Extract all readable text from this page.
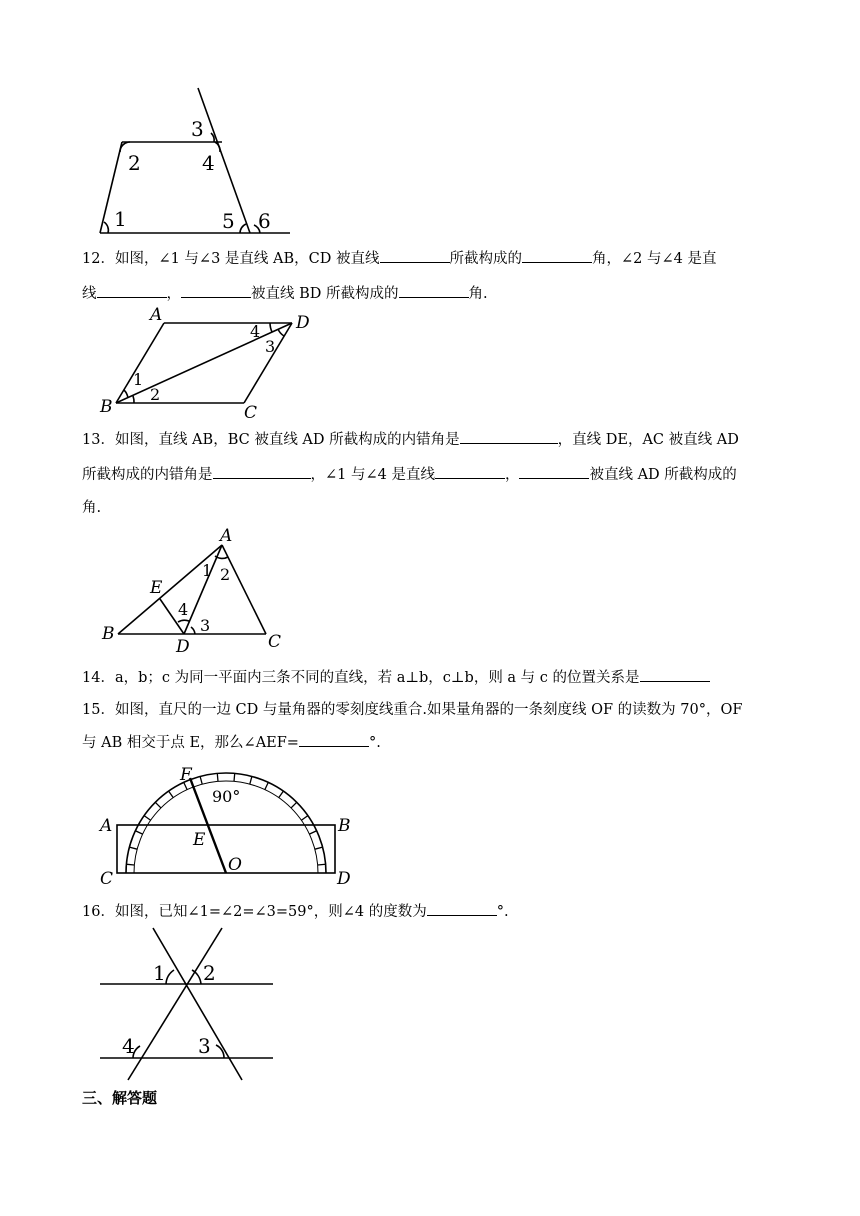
1
2
3
4
5 6
12．如图，∠1 与∠3 是直线 AB，CD 被直线	所截构成的	角，∠2 与∠4 是直
线	，	被直线 BD 所截构成的	角.
A	D
B	C
1
2
3
4
13．如图，直线 AB，BC 被直线 AD 所截构成的内错角是	，直线 DE，AC 被直线 AD
所截构成的内错角是	，∠1 与∠4 是直线	，	被直线 AD 所截构成的
角.
A
E
B
D	C
1 2
3
4
14．a，b；c 为同一平面内三条不同的直线，若 a⊥b，c⊥b，则 a 与 c 的位置关系是
15．如图，直尺的一边 CD 与量角器的零刻度线重合.如果量角器的一条刻度线 OF 的读数为 70°，OF
与 AB 相交于点 E，那么∠AEF=	°.
F
90°
A	B
E
O
C	D
16．如图，已知∠1=∠2=∠3=59°，则∠4 的度数为	°.
1 2
4	3
三、解答题
